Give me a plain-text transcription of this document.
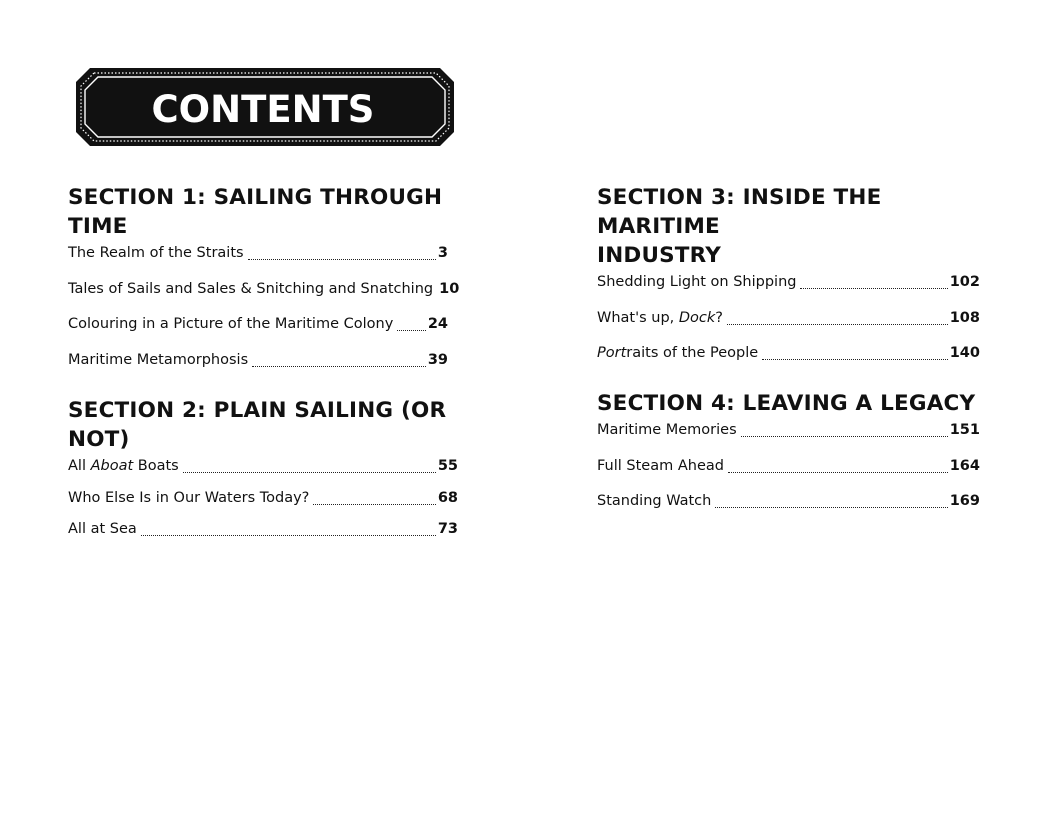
CONTENTS
SECTION 1: SAILING THROUGH TIME
The Realm of the Straits	3
Tales of Sails and Sales & Snitching and Snatching 10
Colouring in a Picture of the Maritime Colony 24
Maritime Metamorphosis	39
SECTION 2: PLAIN SAILING (OR NOT)
All Aboat Boats	55
Who Else Is in Our Waters Today?	68
All at Sea	73
SECTION 3: INSIDE THE MARITIME
INDUSTRY
Shedding Light on Shipping	102
What's up, Dock?	108
Portraits of the People	140
SECTION 4: LEAVING A LEGACY
Maritime Memories	151
Full Steam Ahead	164
Standing Watch	169
